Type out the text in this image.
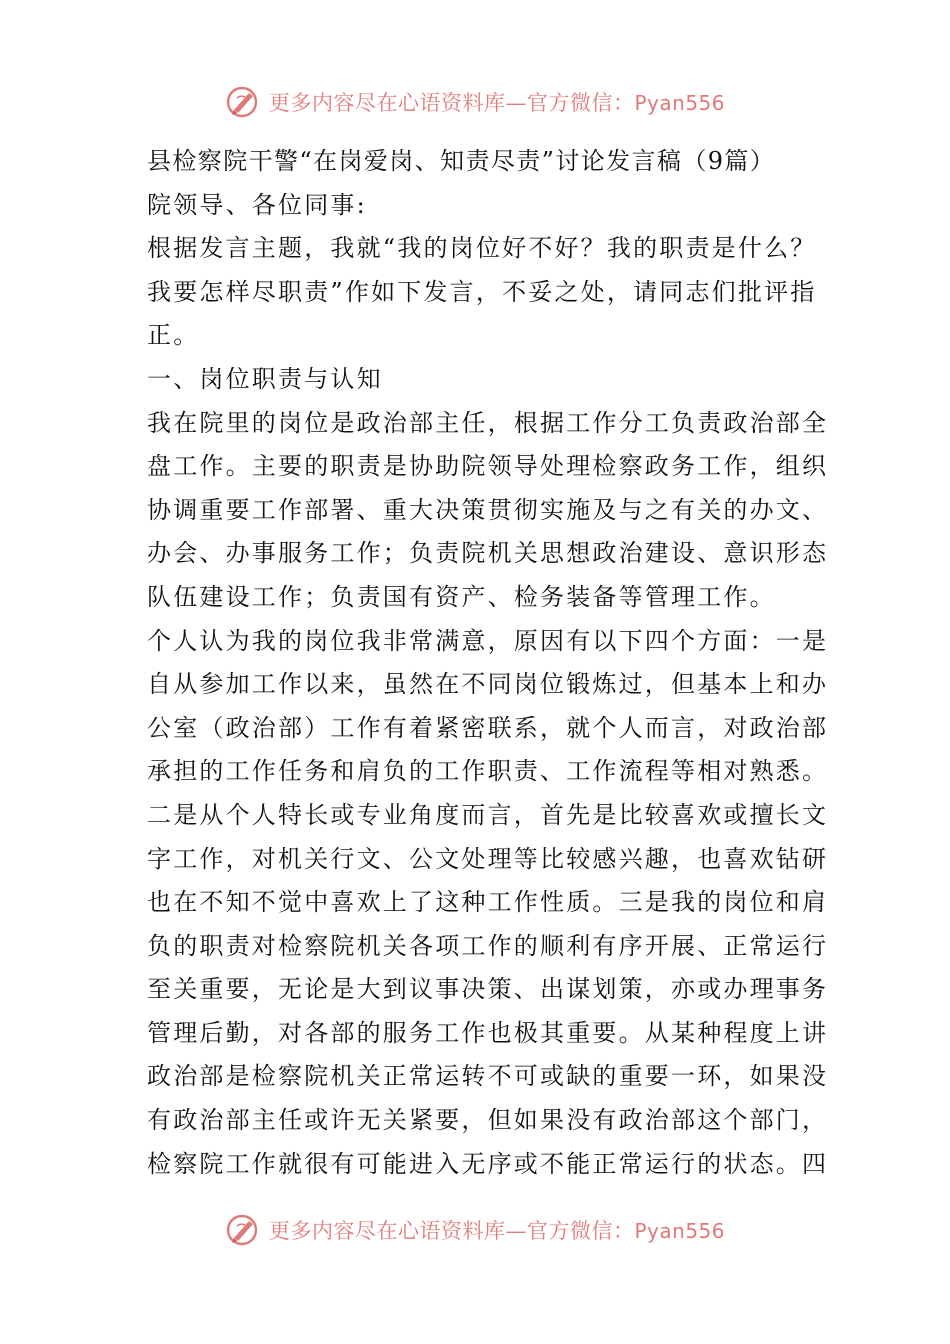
更多内容尽在心语资料库—官方微信：Pyan556
县检察院干警“在岗爱岗、知责尽责”讨论发言稿（9篇）
院领导、各位同事:
根据发言主题，我就“我的岗位好不好？我的职责是什么？
我要怎样尽职责”作如下发言，不妥之处，请同志们批评指
正。
一、岗位职责与认知
我在院里的岗位是政治部主任，根据工作分工负责政治部全
盘工作。主要的职责是协助院领导处理检察政务工作，组织
协调重要工作部署、重大决策贯彻实施及与之有关的办文、
办会、办事服务工作；负责院机关思想政治建设、意识形态
队伍建设工作；负责国有资产、检务装备等管理工作。
个人认为我的岗位我非常满意，原因有以下四个方面：一是
自从参加工作以来，虽然在不同岗位锻炼过，但基本上和办
公室（政治部）工作有着紧密联系，就个人而言，对政治部
承担的工作任务和肩负的工作职责、工作流程等相对熟悉。
二是从个人特长或专业角度而言，首先是比较喜欢或擅长文
字工作，对机关行文、公文处理等比较感兴趣，也喜欢钻研
也在不知不觉中喜欢上了这种工作性质。三是我的岗位和肩
负的职责对检察院机关各项工作的顺利有序开展、正常运行
至关重要，无论是大到议事决策、出谋划策，亦或办理事务
管理后勤，对各部的服务工作也极其重要。从某种程度上讲
政治部是检察院机关正常运转不可或缺的重要一环，如果没
有政治部主任或许无关紧要，但如果没有政治部这个部门，
检察院工作就很有可能进入无序或不能正常运行的状态。四
更多内容尽在心语资料库—官方微信：Pyan556
